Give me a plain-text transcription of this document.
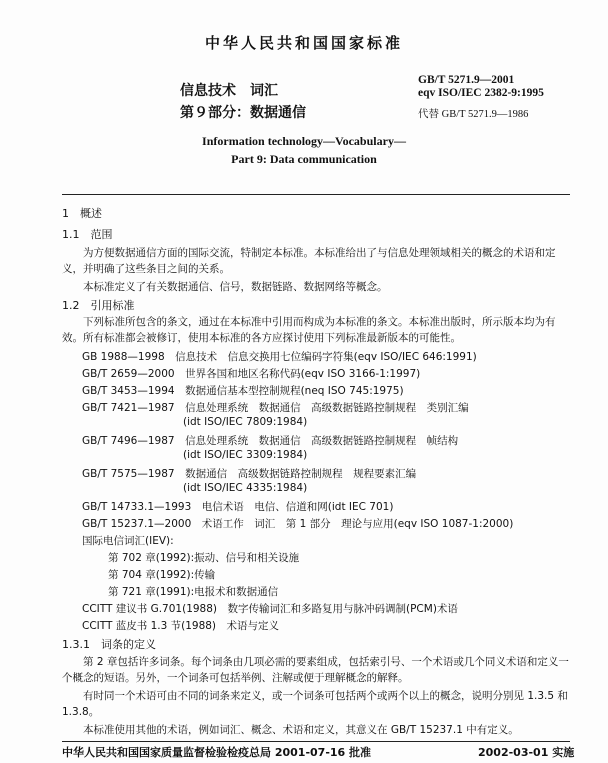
中华人民共和国国家标准
信息技术　词汇
第９部分：数据通信
GB/T 5271.9—2001
eqv ISO/IEC 2382-9:1995
代替 GB/T 5271.9—1986
Information technology—Vocabulary—
Part 9: Data communication
1　概述
1.1　范围
为方便数据通信方面的国际交流，特制定本标准。本标准给出了与信息处理领域相关的概念的术语和定义，并明确了这些条目之间的关系。
本标准定义了有关数据通信、信号，数据链路、数据网络等概念。
1.2　引用标准
下列标准所包含的条文，通过在本标准中引用而构成为本标准的条文。本标准出版时，所示版本均为有效。所有标准都会被修订，使用本标准的各方应探讨使用下列标准最新版本的可能性。
GB 1988—1998　信息技术　信息交换用七位编码字符集(eqv ISO/IEC 646:1991)
GB/T 2659—2000　世界各国和地区名称代码(eqv ISO 3166-1:1997)
GB/T 3453—1994　数据通信基本型控制规程(neq ISO 745:1975)
GB/T 7421—1987　信息处理系统　数据通信　高级数据链路控制规程　类别汇编
(idt ISO/IEC 7809:1984)
GB/T 7496—1987　信息处理系统　数据通信　高级数据链路控制规程　帧结构
(idt ISO/IEC 3309:1984)
GB/T 7575—1987　数据通信　高级数据链路控制规程　规程要素汇编
(idt ISO/IEC 4335:1984)
GB/T 14733.1—1993　电信术语　电信、信道和网(idt IEC 701)
GB/T 15237.1—2000　术语工作　词汇　第 1 部分　理论与应用(eqv ISO 1087-1:2000)
国际电信词汇(IEV):
第 702 章(1992):振动、信号和相关设施
第 704 章(1992):传输
第 721 章(1991):电报术和数据通信
CCITT 建议书 G.701(1988)　数字传输词汇和多路复用与脉冲码调制(PCM)术语
CCITT 蓝皮书 1.3 节(1988)　术语与定义
1.3.1　词条的定义
第 2 章包括许多词条。每个词条由几项必需的要素组成，包括索引号、一个术语或几个同义术语和定义一个概念的短语。另外，一个词条可包括举例、注解或便于理解概念的解释。
有时同一个术语可由不同的词条来定义，或一个词条可包括两个或两个以上的概念，说明分别见 1.3.5 和 1.3.8。
本标准使用其他的术语，例如词汇、概念、术语和定义，其意义在 GB/T 15237.1 中有定义。
中华人民共和国国家质量监督检验检疫总局 2001-07-16 批准	2002-03-01 实施
